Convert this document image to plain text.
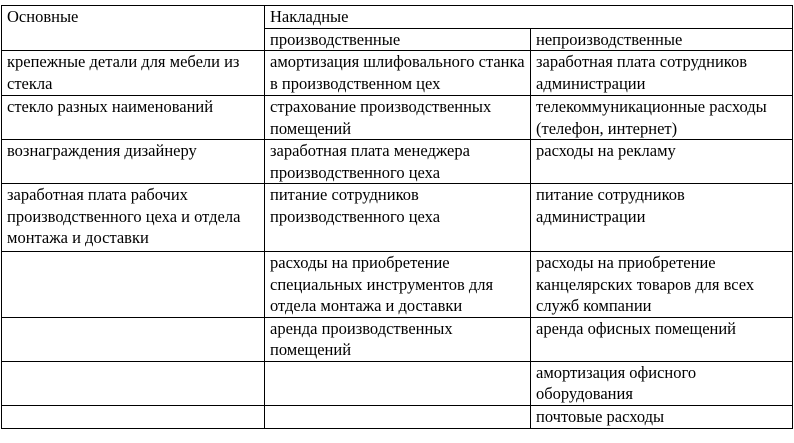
Основные	Накладные	
	производственные	непроизводственные
крепежные детали для мебели из стекла	амортизация шлифовального станка в производственном цех	заработная плата сотрудников администрации
стекло разных наименований	страхование производственных помещений	телекоммуникационные расходы (телефон, интернет)
вознаграждения дизайнеру	заработная плата менеджера производственного цеха	расходы на рекламу
заработная плата рабочих производственного цеха и отдела монтажа и доставки	питание сотрудников производственного цеха	питание сотрудников администрации
	расходы на приобретение специальных инструментов для отдела монтажа и доставки	расходы на приобретение канцелярских товаров для всех служб компании
	аренда производственных помещений	аренда офисных помещений
		амортизация офисного оборудования
		почтовые расходы
